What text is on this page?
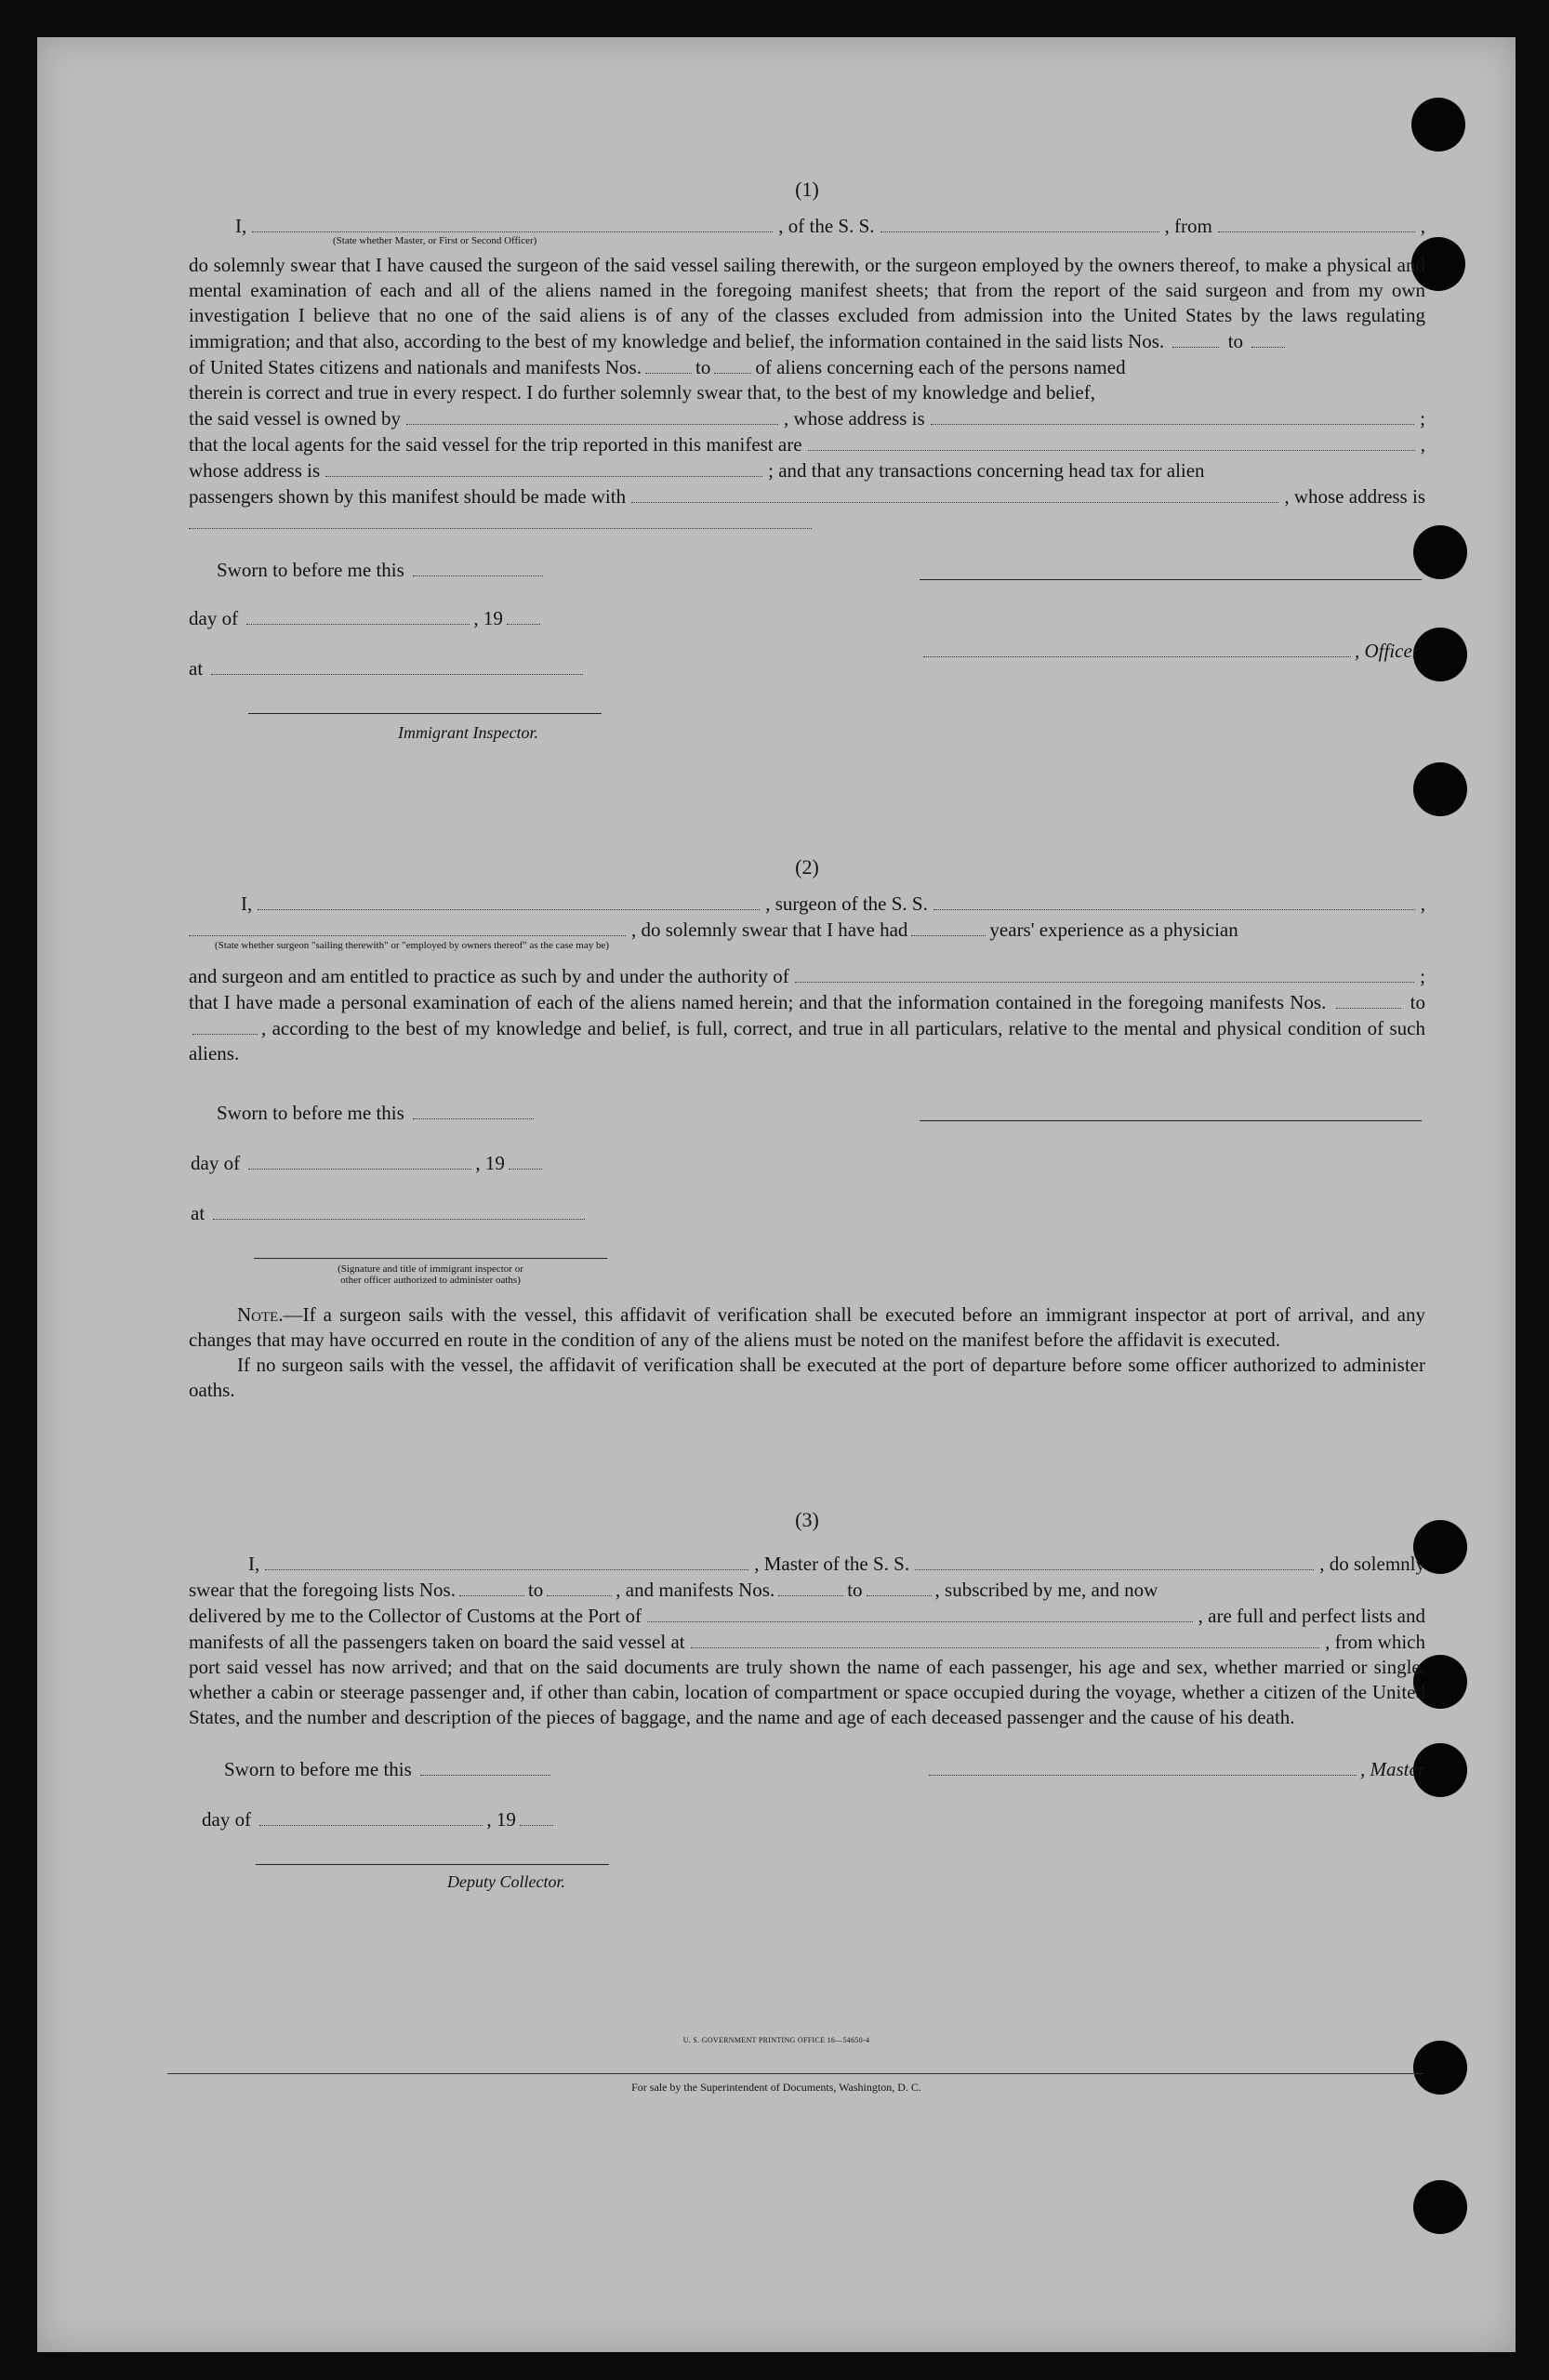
(1)
I,	, of the S. S.	, from	,
(State whether Master, or First or Second Officer)
do solemnly swear that I have caused the surgeon of the said vessel sailing therewith, or the surgeon employed by the owners thereof, to make a physical and mental examination of each and all of the aliens named in the foregoing manifest sheets; that from the report of the said surgeon and from my own investigation I believe that no one of the said aliens is of any of the classes excluded from admission into the United States by the laws regulating immigration; and that also, according to the best of my knowledge and belief, the information contained in the said lists Nos.	to
of United States citizens and nationals and manifests Nos.	to of aliens concerning each of the persons named
therein is correct and true in every respect. I do further solemnly swear that, to the best of my knowledge and belief,
the said vessel is owned by	, whose address is	;
that the local agents for the said vessel for the trip reported in this manifest are	,
whose address is	; and that any transactions concerning head tax for alien
passengers shown by this manifest should be made with	, whose address is
Sworn to before me this
day of	, 19
, Officer
at
Immigrant Inspector.
(2)
I,	, surgeon of the S. S.	,
, do solemnly swear that I have had	years' experience as a physician
(State whether surgeon "sailing therewith" or "employed by owners thereof" as the case may be)
and surgeon and am entitled to practice as such by and under the authority of	;
that I have made a personal examination of each of the aliens named herein; and that the information contained in the foregoing manifests Nos.	to , according to the best of my knowledge and belief, is full, correct, and true in all particulars, relative to the mental and physical condition of such aliens.
Sworn to before me this
day of	, 19
at
(Signature and title of immigrant inspector or
other officer authorized to administer oaths)
Note.—If a surgeon sails with the vessel, this affidavit of verification shall be executed before an immigrant inspector at port of arrival, and any changes that may have occurred en route in the condition of any of the aliens must be noted on the manifest before the affidavit is executed.
If no surgeon sails with the vessel, the affidavit of verification shall be executed at the port of departure before some officer authorized to administer oaths.
(3)
I,	, Master of the S. S.	, do solemnly
swear that the foregoing lists Nos.	to	, and manifests Nos.	to	, subscribed by me, and now
delivered by me to the Collector of Customs at the Port of	, are full and perfect lists and
manifests of all the passengers taken on board the said vessel at	, from which
port said vessel has now arrived; and that on the said documents are truly shown the name of each passenger, his age and sex, whether married or single, whether a cabin or steerage passenger and, if other than cabin, location of compartment or space occupied during the voyage, whether a citizen of the United States, and the number and description of the pieces of baggage, and the name and age of each deceased passenger and the cause of his death.
Sworn to before me this	, Master
day of	, 19
Deputy Collector.
U. S. GOVERNMENT PRINTING OFFICE 16—54650-4
For sale by the Superintendent of Documents, Washington, D. C.
